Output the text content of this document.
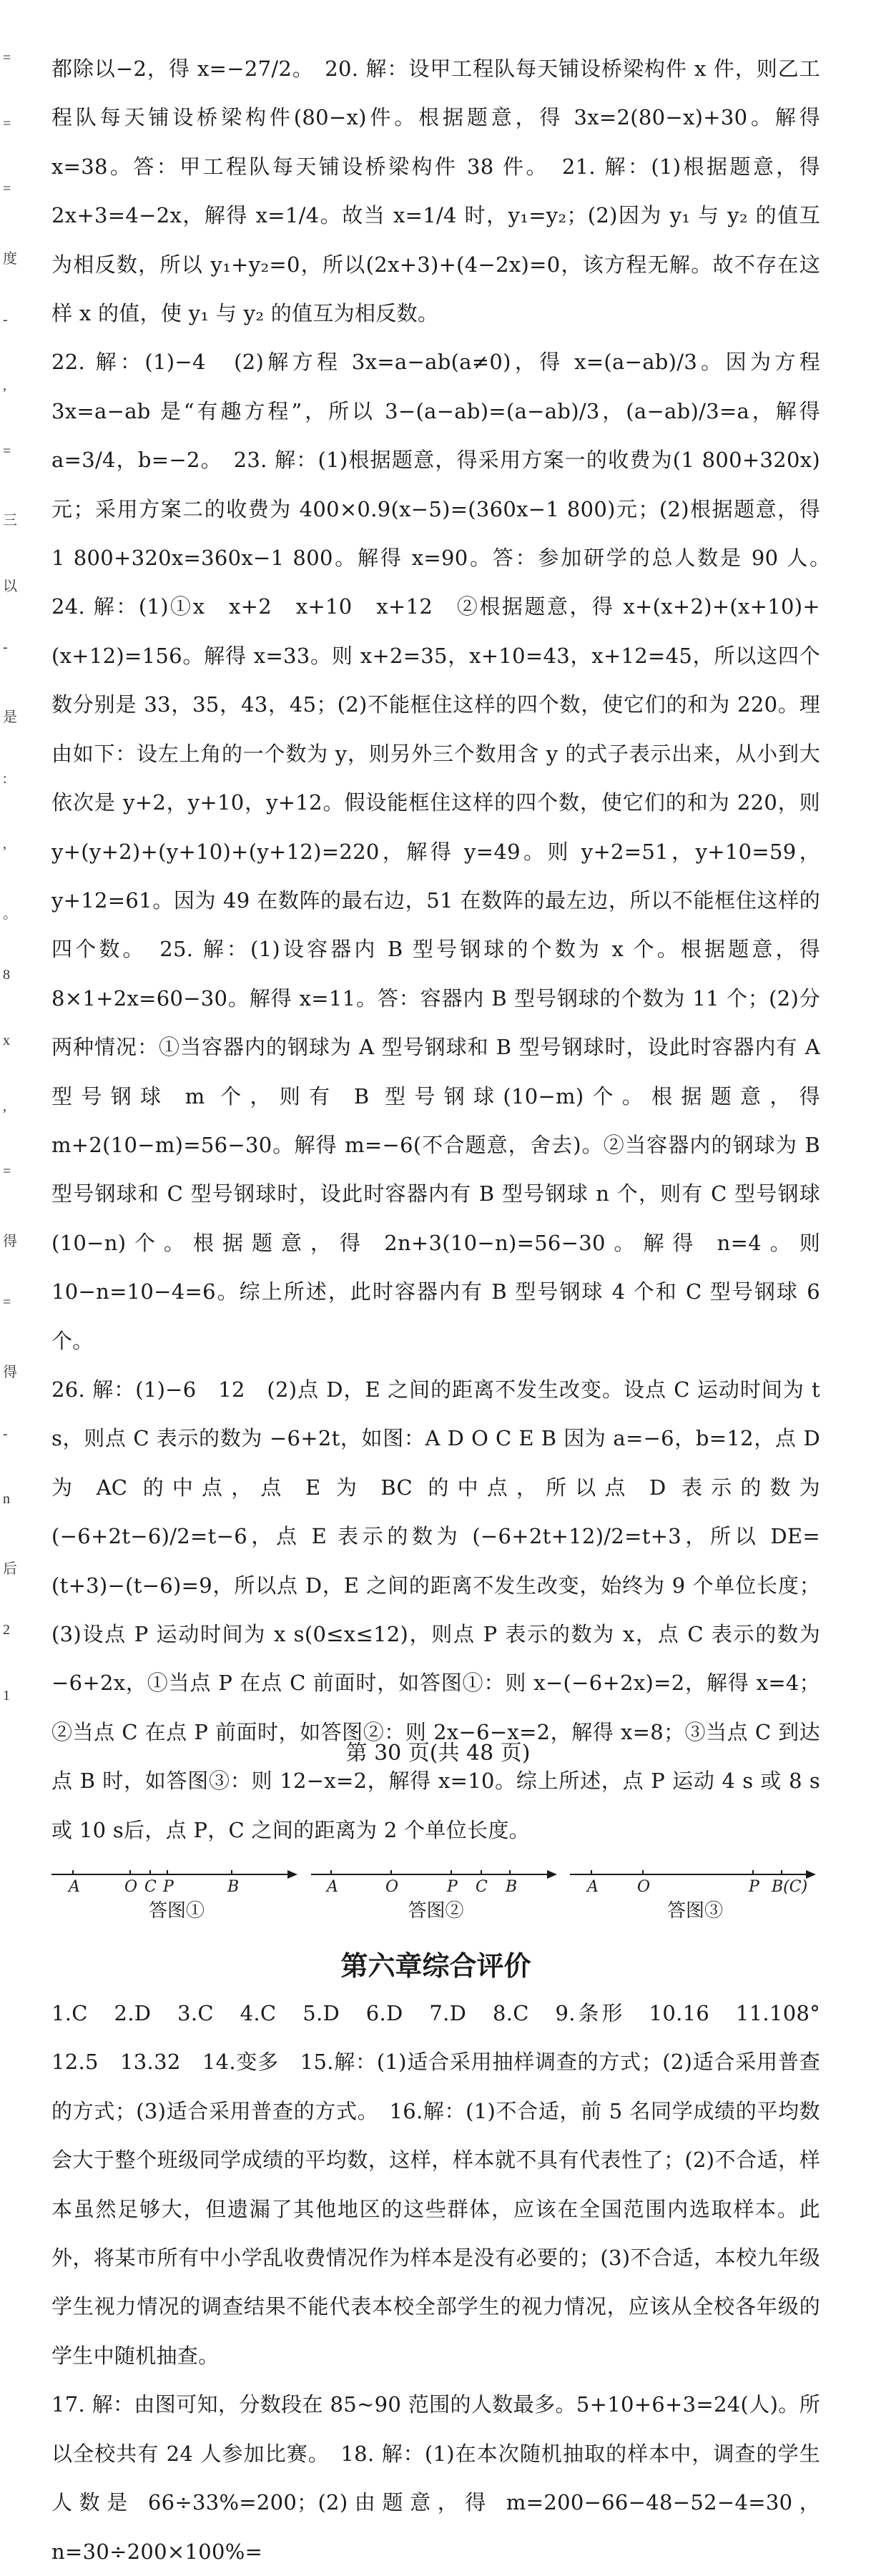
=
=
=
度
-
,
=
三
以
-
是
:
,
。
8
x
,
=
得
=
得
-
n
后
2
1

都除以−2，得 x=−27/2。　20. 解：设甲工程队每天铺设桥梁构件 x 件，则乙工程队每天铺设桥梁构件(80−x)件。根据题意，得 3x=2(80−x)+30。解得 x=38。答：甲工程队每天铺设桥梁构件 38 件。　21. 解：(1)根据题意，得 2x+3=4−2x，解得 x=1/4。故当 x=1/4 时，y₁=y₂；(2)因为 y₁ 与 y₂ 的值互为相反数，所以 y₁+y₂=0，所以(2x+3)+(4−2x)=0，该方程无解。故不存在这样 x 的值，使 y₁ 与 y₂ 的值互为相反数。

22. 解：(1)−4　(2)解方程 3x=a−ab(a≠0)，得 x=(a−ab)/3。因为方程 3x=a−ab 是“有趣方程”，所以 3−(a−ab)=(a−ab)/3，(a−ab)/3=a，解得 a=3/4，b=−2。　23. 解：(1)根据题意，得采用方案一的收费为(1 800+320x)元；采用方案二的收费为 400×0.9(x−5)=(360x−1 800)元；(2)根据题意，得 1 800+320x=360x−1 800。解得 x=90。答：参加研学的总人数是 90 人。　24. 解：(1)①x　x+2　x+10　x+12　②根据题意，得 x+(x+2)+(x+10)+(x+12)=156。解得 x=33。则 x+2=35，x+10=43，x+12=45，所以这四个数分别是 33，35，43，45；(2)不能框住这样的四个数，使它们的和为 220。理由如下：设左上角的一个数为 y，则另外三个数用含 y 的式子表示出来，从小到大依次是 y+2，y+10，y+12。假设能框住这样的四个数，使它们的和为 220，则 y+(y+2)+(y+10)+(y+12)=220，解得 y=49。则 y+2=51，y+10=59，y+12=61。因为 49 在数阵的最右边，51 在数阵的最左边，所以不能框住这样的四个数。　25. 解：(1)设容器内 B 型号钢球的个数为 x 个。根据题意，得 8×1+2x=60−30。解得 x=11。答：容器内 B 型号钢球的个数为 11 个；(2)分两种情况：①当容器内的钢球为 A 型号钢球和 B 型号钢球时，设此时容器内有 A 型号钢球 m 个，则有 B 型号钢球(10−m)个。根据题意，得 m+2(10−m)=56−30。解得 m=−6(不合题意，舍去)。②当容器内的钢球为 B 型号钢球和 C 型号钢球时，设此时容器内有 B 型号钢球 n 个，则有 C 型号钢球(10−n)个。根据题意，得 2n+3(10−n)=56−30。解得 n=4。则 10−n=10−4=6。综上所述，此时容器内有 B 型号钢球 4 个和 C 型号钢球 6 个。

26. 解：(1)−6　12　(2)点 D，E 之间的距离不发生改变。设点 C 运动时间为 t s，则点 C 表示的数为 −6+2t，如图：A D O C E B 因为 a=−6，b=12，点 D 为 AC 的中点，点 E 为 BC 的中点，所以点 D 表示的数为 (−6+2t−6)/2=t−6，点 E 表示的数为 (−6+2t+12)/2=t+3，所以 DE=(t+3)−(t−6)=9，所以点 D，E 之间的距离不发生改变，始终为 9 个单位长度；(3)设点 P 运动时间为 x s(0≤x≤12)，则点 P 表示的数为 x，点 C 表示的数为 −6+2x，①当点 P 在点 C 前面时，如答图①：则 x−(−6+2x)=2，解得 x=4；②当点 C 在点 P 前面时，如答图②：则 2x−6−x=2，解得 x=8；③当点 C 到达点 B 时，如答图③：则 12−x=2，解得 x=10。综上所述，点 P 运动 4 s 或 8 s 或 10 s后，点 P，C 之间的距离为 2 个单位长度。

A	O C P	B
答图①
A	O	P C B
答图②
A O	P B(C)
答图③
第六章综合评价

1.C　2.D　3.C　4.C　5.D　6.D　7.D　8.C　9.条形　10.16　11.108°　12.5　13.32　14.变多　15.解：(1)适合采用抽样调查的方式；(2)适合采用普查的方式；(3)适合采用普查的方式。　16.解：(1)不合适，前 5 名同学成绩的平均数会大于整个班级同学成绩的平均数，这样，样本就不具有代表性了；(2)不合适，样本虽然足够大，但遗漏了其他地区的这些群体，应该在全国范围内选取样本。此外，将某市所有中小学乱收费情况作为样本是没有必要的；(3)不合适，本校九年级学生视力情况的调查结果不能代表本校全部学生的视力情况，应该从全校各年级的学生中随机抽查。

17. 解：由图可知，分数段在 85~90 范围的人数最多。5+10+6+3=24(人)。所以全校共有 24 人参加比赛。　18. 解：(1)在本次随机抽取的样本中，调查的学生人数是 66÷33%=200；(2)由题意，得 m=200−66−48−52−4=30，n=30÷200×100%=

第 30 页(共 48 页)
